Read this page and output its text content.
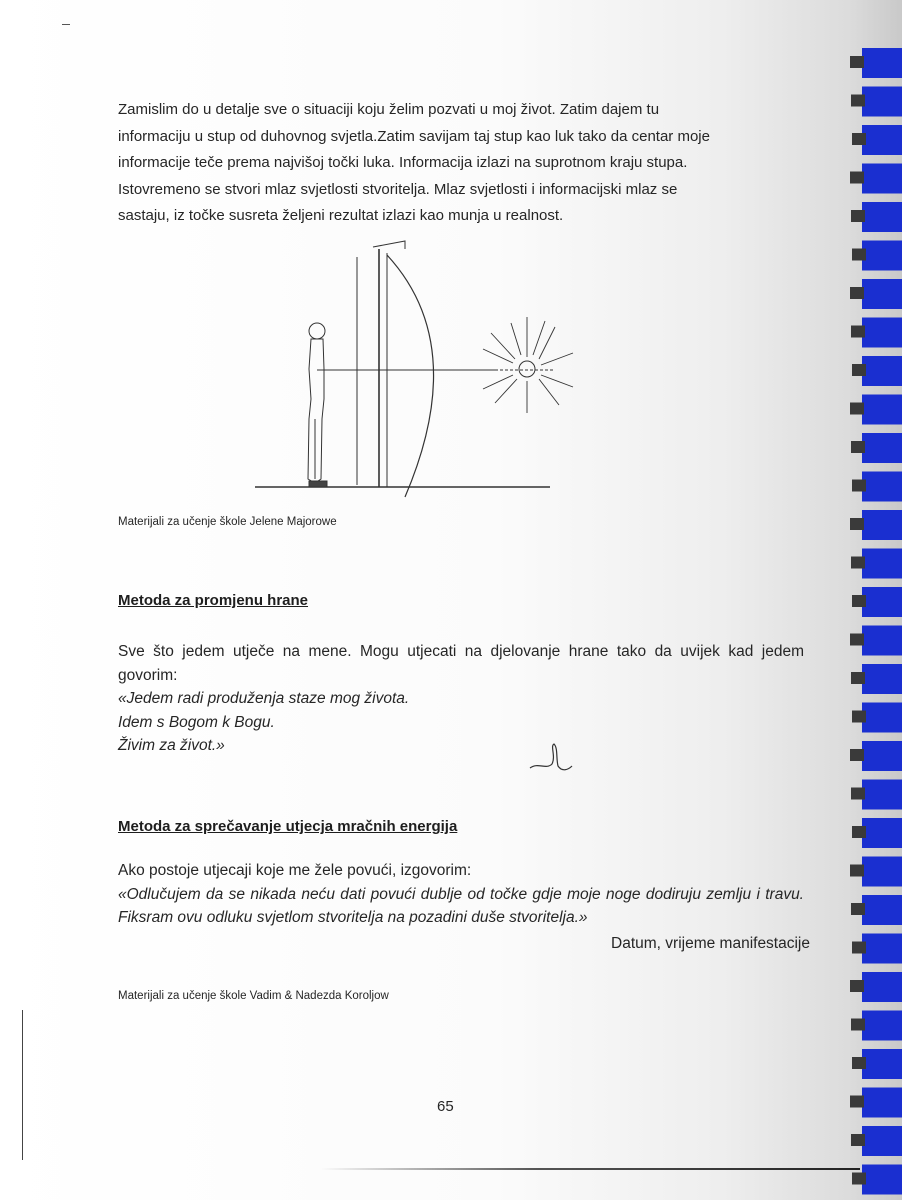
Zamislim do u detalje sve o situaciji koju želim pozvati u moj život. Zatim dajem tu
informaciju u stup od duhovnog svjetla.Zatim savijam taj stup kao luk tako da centar moje
informacije teče prema najvišoj točki luka. Informacija izlazi na suprotnom kraju stupa.
Istovremeno se stvori mlaz svjetlosti stvoritelja. Mlaz svjetlosti i informacijski mlaz se
sastaju, iz točke susreta željeni rezultat izlazi kao munja u realnost.

Materijali za učenje škole Jelene Majorowe

Metoda za promjenu hrane

Sve što jedem utječe na mene. Mogu utjecati na djelovanje hrane tako da uvijek kad jedem govorim:
«Jedem radi produženja staze mog života.
Idem s Bogom k Bogu.
Živim za život.»

Metoda za sprečavanje utjecja mračnih energija

Ako postoje utjecaji koje me žele povući, izgovorim:
«Odlučujem da se nikada neću dati povući dublje od točke gdje moje noge dodiruju zemlju i travu. Fiksram ovu odluku svjetlom stvoritelja na pozadini duše stvoritelja.»

Datum, vrijeme manifestacije

Materijali za učenje škole Vadim & Nadezda Koroljow

65
